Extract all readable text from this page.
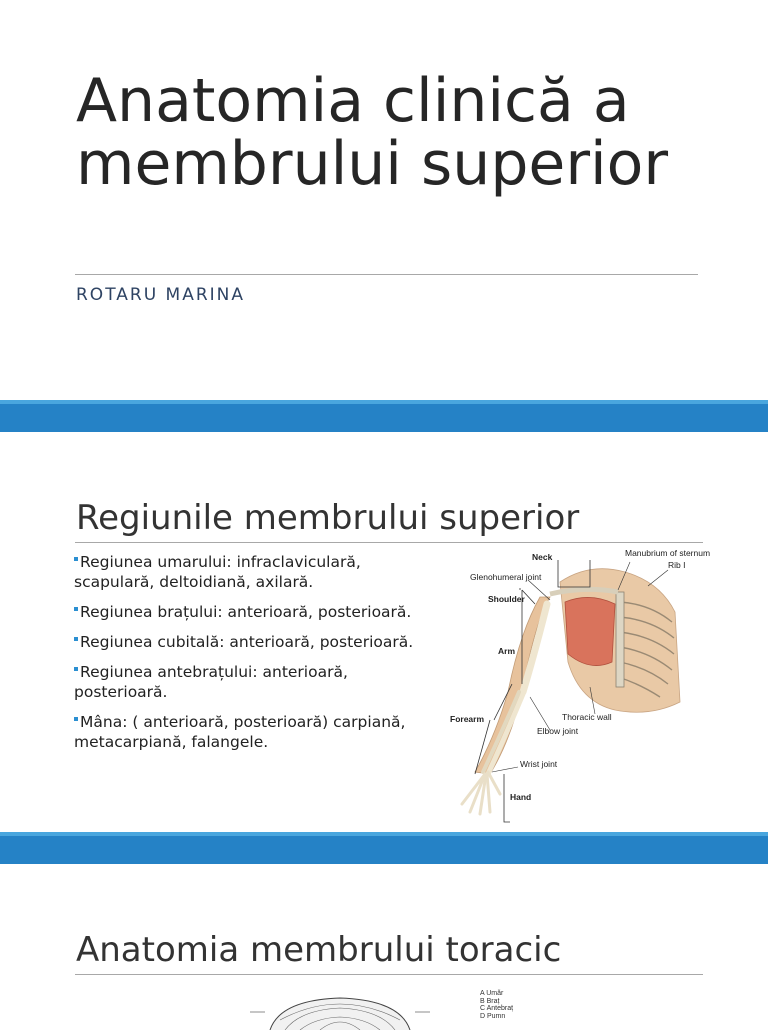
Anatomia clinică a membrului superior
ROTARU MARINA
Regiunile membrului superior
Regiunea umarului: infraclaviculară, scapulară, deltoidiană, axilară.
Regiunea brațului: anterioară, posterioară.
Regiunea cubitală: anterioară, posterioară.
Regiunea antebrațului: anterioară, posterioară.
Mâna: ( anterioară, posterioară) carpiană, metacarpiană, falangele.
Manubrium of sternum
Neck
Rib I
Glenohumeral joint
Shoulder
Arm
Thoracic wall
Elbow joint
Forearm
Wrist joint
Hand
Anatomia membrului toracic
A Umăr
B Braț
C Antebraț
D Pumn
